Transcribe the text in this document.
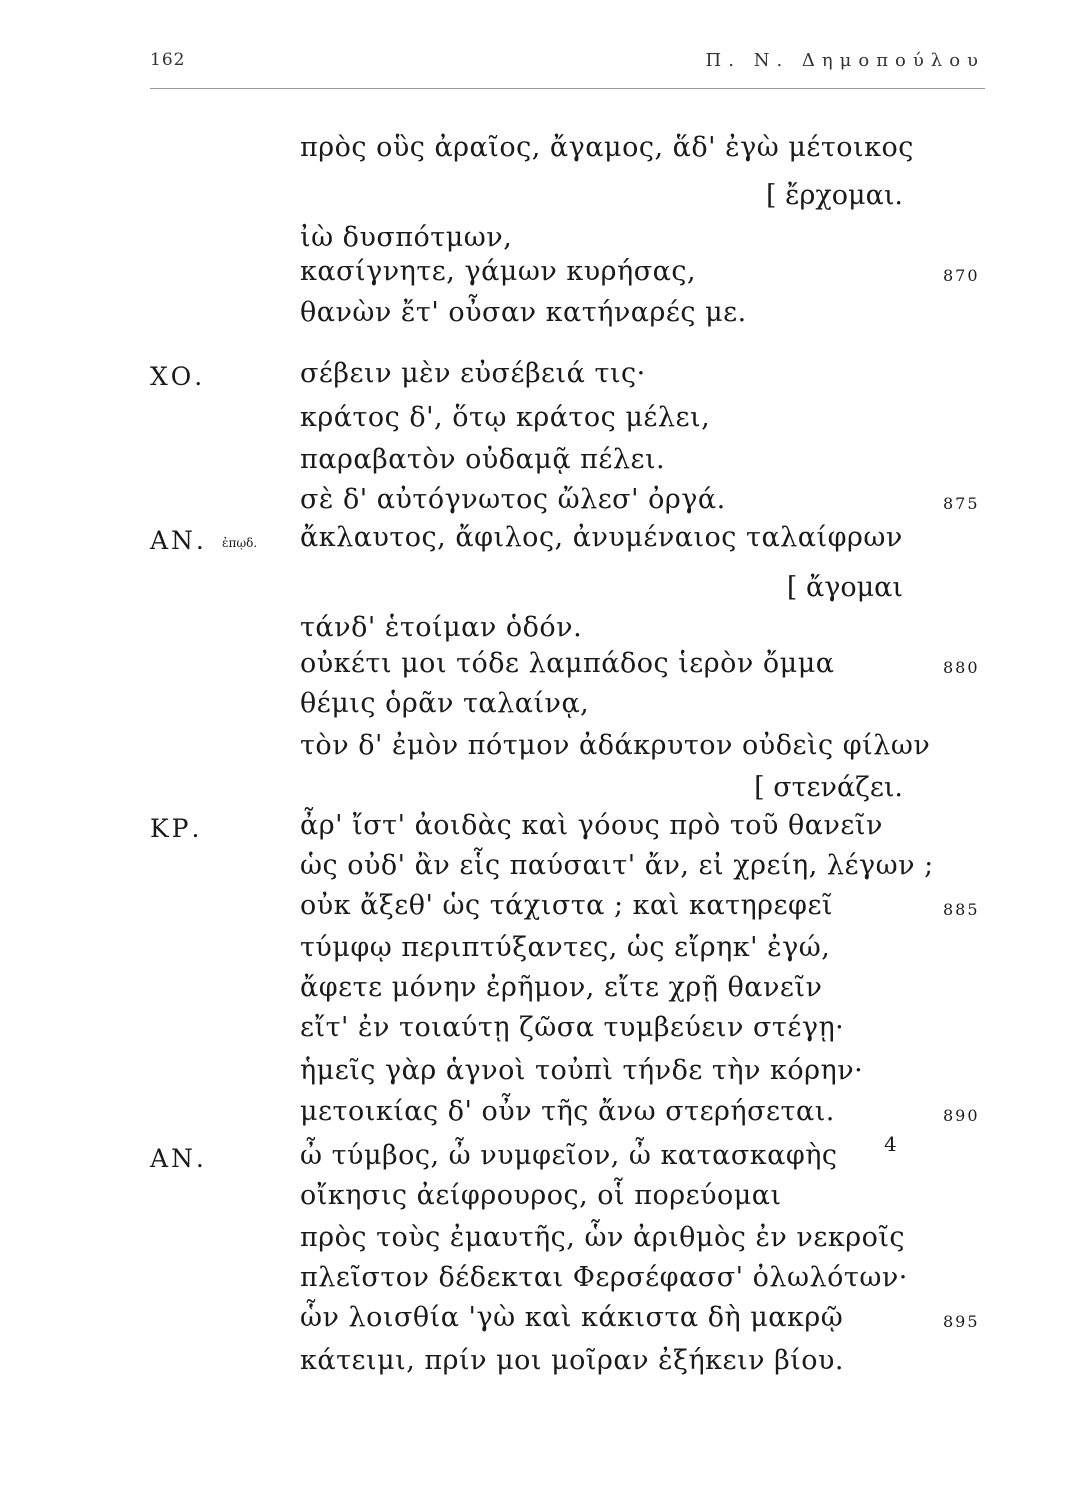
162	Π. Ν. Δημοπούλου
πρὸς οὓς ἀραῖος, ἄγαμος, ἅδ' ἐγὼ μέτοικος
[ ἔρχομαι.
ἰὼ δυσπότμων,
κασίγνητε, γάμων κυρήσας,	870
θανὼν ἔτ' οὖσαν κατήναρές με.
ΧΟ.	σέβειν μὲν εὐσέβειά τις·
κράτος δ', ὅτῳ κράτος μέλει,
παραβατὸν οὐδαμᾷ πέλει.
σὲ δ' αὐτόγνωτος ὤλεσ' ὀργά.	875
ΑΝ. ἐπῳδ. ἄκλαυτος, ἄφιλος, ἀνυμέναιος ταλαίφρων
[ ἄγομαι
τάνδ' ἑτοίμαν ὁδόν.
οὐκέτι μοι τόδε λαμπάδος ἱερὸν ὄμμα	880
θέμις ὁρᾶν ταλαίνᾳ,
τὸν δ' ἐμὸν πότμον ἀδάκρυτον οὐδεὶς φίλων
[ στενάζει.
ΚΡ.	ἆρ' ἴστ' ἀοιδὰς καὶ γόους πρὸ τοῦ θανεῖν
ὡς οὐδ' ἂν εἷς παύσαιτ' ἄν, εἰ χρείη, λέγων ;
οὐκ ἄξεθ' ὡς τάχιστα ; καὶ κατηρεφεῖ	885
τύμφῳ περιπτύξαντες, ὡς εἴρηκ' ἐγώ,
ἄφετε μόνην ἐρῆμον, εἴτε χρῇ θανεῖν
εἴτ' ἐν τοιαύτῃ ζῶσα τυμβεύειν στέγῃ·
ἡμεῖς γὰρ ἁγνοὶ τοὐπὶ τήνδε τὴν κόρην·
μετοικίας δ' οὖν τῆς ἄνω στερήσεται.	890
ΑΝ.	ὦ τύμβος, ὦ νυμφεῖον, ὦ κατασκαφὴς
οἴκησις ἀείφρουρος, οἷ πορεύομαι
πρὸς τοὺς ἐμαυτῆς, ὧν ἀριθμὸς ἐν νεκροῖς
πλεῖστον δέδεκται Φερσέφασσ' ὀλωλότων·
ὧν λοισθία 'γὼ καὶ κάκιστα δὴ μακρῷ	895
κάτειμι, πρίν μοι μοῖραν ἐξήκειν βίου.
4
